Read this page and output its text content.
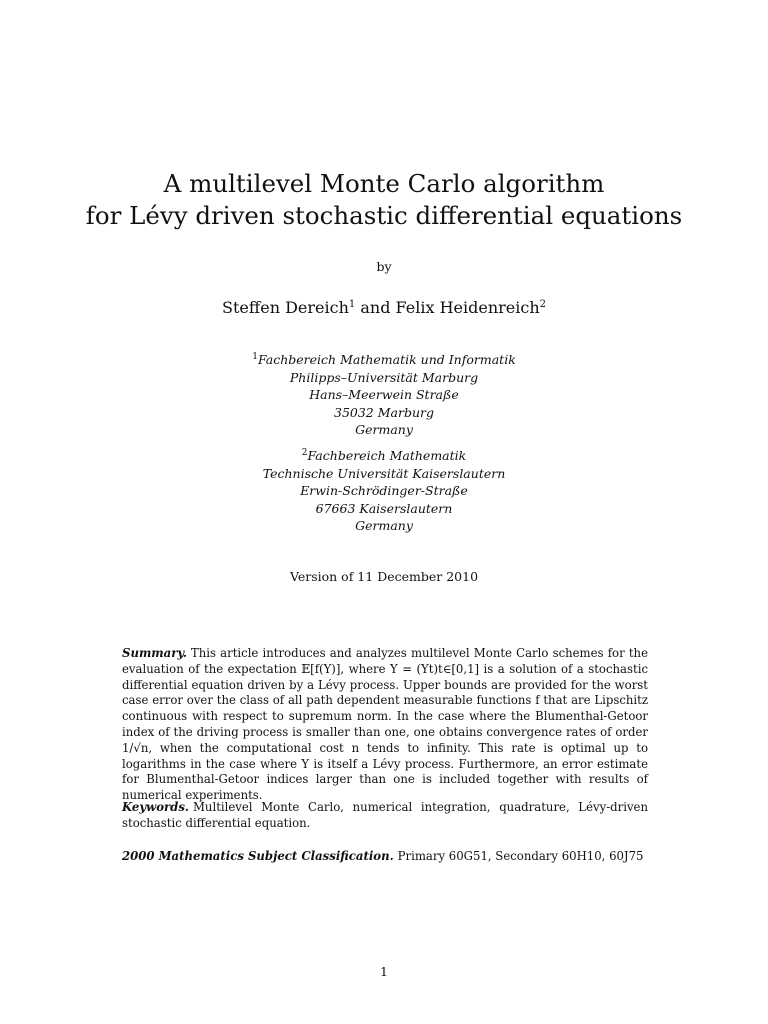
A multilevel Monte Carlo algorithm
for Lévy driven stochastic differential equations
by
Steffen Dereich$^1$ and Felix Heidenreich$^2$
$^1$Fachbereich Mathematik und Informatik
Philipps–Universität Marburg
Hans–Meerwein Straße
35032 Marburg
Germany
$^2$Fachbereich Mathematik
Technische Universität Kaiserslautern
Erwin-Schrödinger-Straße
67663 Kaiserslautern
Germany
Version of 11 December 2010
Summary. This article introduces and analyzes multilevel Monte Carlo schemes for the evaluation of the expectation 𝔼[f(Y)], where Y = (Yt)t∈[0,1] is a solution of a stochastic differential equation driven by a Lévy process. Upper bounds are provided for the worst case error over the class of all path dependent measurable functions f that are Lipschitz continuous with respect to supremum norm. In the case where the Blumenthal-Getoor index of the driving process is smaller than one, one obtains convergence rates of order 1/√n, when the computational cost n tends to infinity. This rate is optimal up to logarithms in the case where Y is itself a Lévy process. Furthermore, an error estimate for Blumenthal-Getoor indices larger than one is included together with results of numerical experiments.
Keywords. Multilevel Monte Carlo, numerical integration, quadrature, Lévy-driven stochastic differential equation.
2000 Mathematics Subject Classification. Primary 60G51, Secondary 60H10, 60J75
1
